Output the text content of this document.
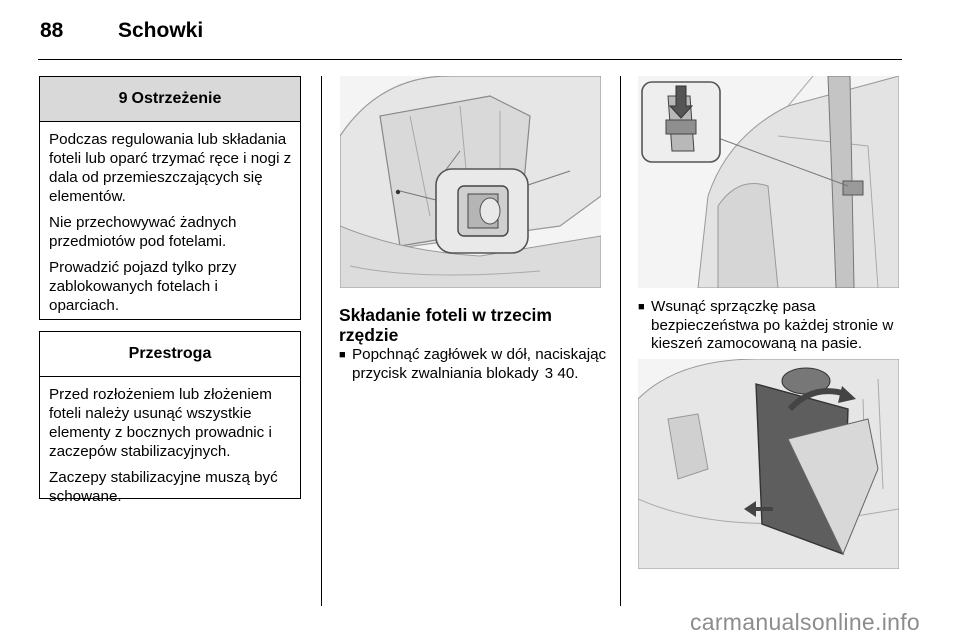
88	Schowki
9 Ostrzeżenie

Podczas regulowania lub składania foteli lub oparć trzymać ręce i nogi z dala od przemieszczających się elementów.

Nie przechowywać żadnych przedmiotów pod fotelami.

Prowadzić pojazd tylko przy zablokowanych fotelach i oparciach.

Przestroga

Przed rozłożeniem lub złożeniem foteli należy usunąć wszystkie elementy z bocznych prowadnic i zaczepów stabilizacyjnych.

Zaczepy stabilizacyjne muszą być schowane.

Składanie foteli w trzecim rzędzie
■ Popchnąć zagłówek w dół, naciskając przycisk zwalniania blokady 3 40.
■ Wsunąć sprzączkę pasa bezpieczeństwa po każdej stronie w kieszeń zamocowaną na pasie.
carmanualsonline.info
